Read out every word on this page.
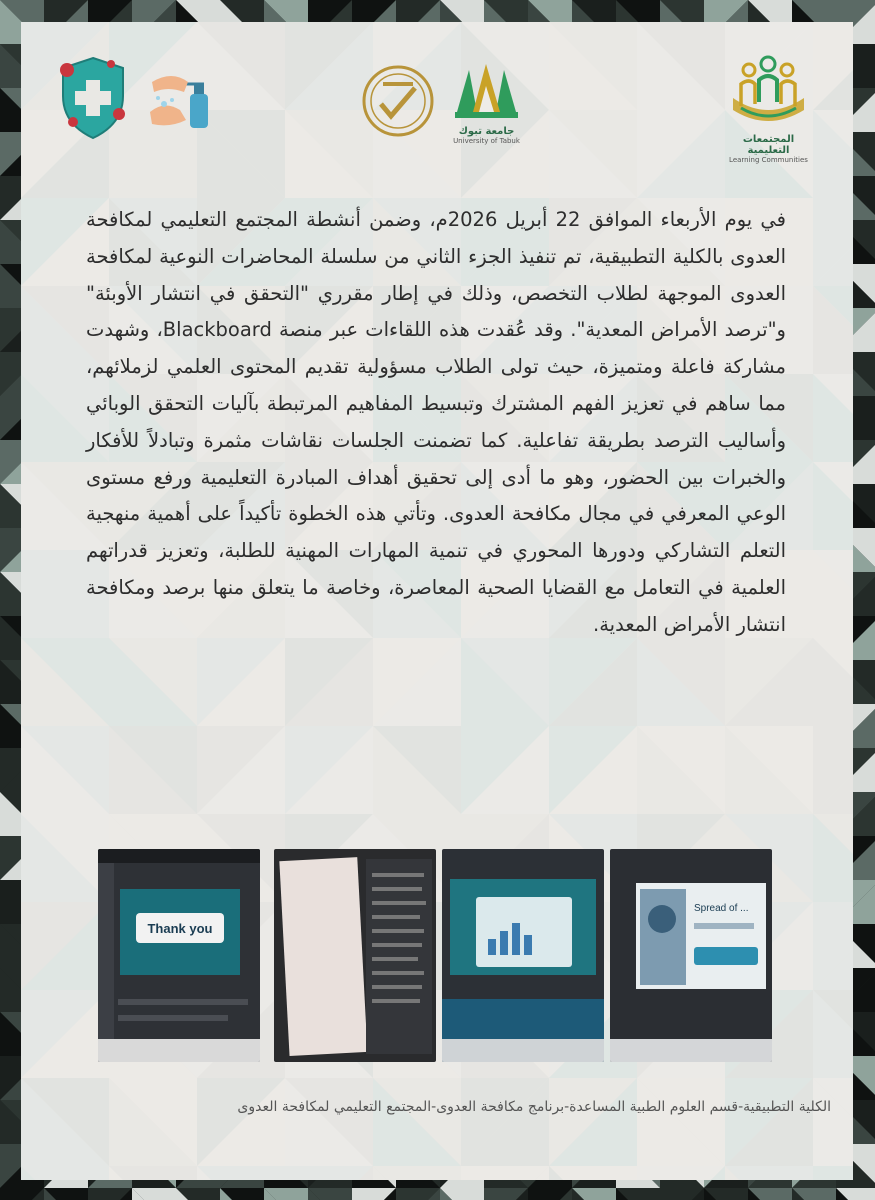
المجتمعات التعليمية
Learning Communities
جامعة تبوك
University of Tabuk

في يوم الأربعاء الموافق 22 أبريل 2026م، وضمن أنشطة المجتمع التعليمي لمكافحة العدوى بالكلية التطبيقية، تم تنفيذ الجزء الثاني من سلسلة المحاضرات النوعية لمكافحة العدوى الموجهة لطلاب التخصص، وذلك في إطار مقرري "التحقق في انتشار الأوبئة" و"ترصد الأمراض المعدية". وقد عُقدت هذه اللقاءات عبر منصة Blackboard، وشهدت مشاركة فاعلة ومتميزة، حيث تولى الطلاب مسؤولية تقديم المحتوى العلمي لزملائهم، مما ساهم في تعزيز الفهم المشترك وتبسيط المفاهيم المرتبطة بآليات التحقق الوبائي وأساليب الترصد بطريقة تفاعلية. كما تضمنت الجلسات نقاشات مثمرة وتبادلاً للأفكار والخبرات بين الحضور، وهو ما أدى إلى تحقيق أهداف المبادرة التعليمية ورفع مستوى الوعي المعرفي في مجال مكافحة العدوى. وتأتي هذه الخطوة تأكيداً على أهمية منهجية التعلم التشاركي ودورها المحوري في تنمية المهارات المهنية للطلبة، وتعزيز قدراتهم العلمية في التعامل مع القضايا الصحية المعاصرة، وخاصة ما يتعلق منها برصد ومكافحة انتشار الأمراض المعدية.

Thank you
Spread of ...

الكلية التطبيقية-قسم العلوم الطبية المساعدة-برنامج مكافحة العدوى-المجتمع التعليمي لمكافحة العدوى
